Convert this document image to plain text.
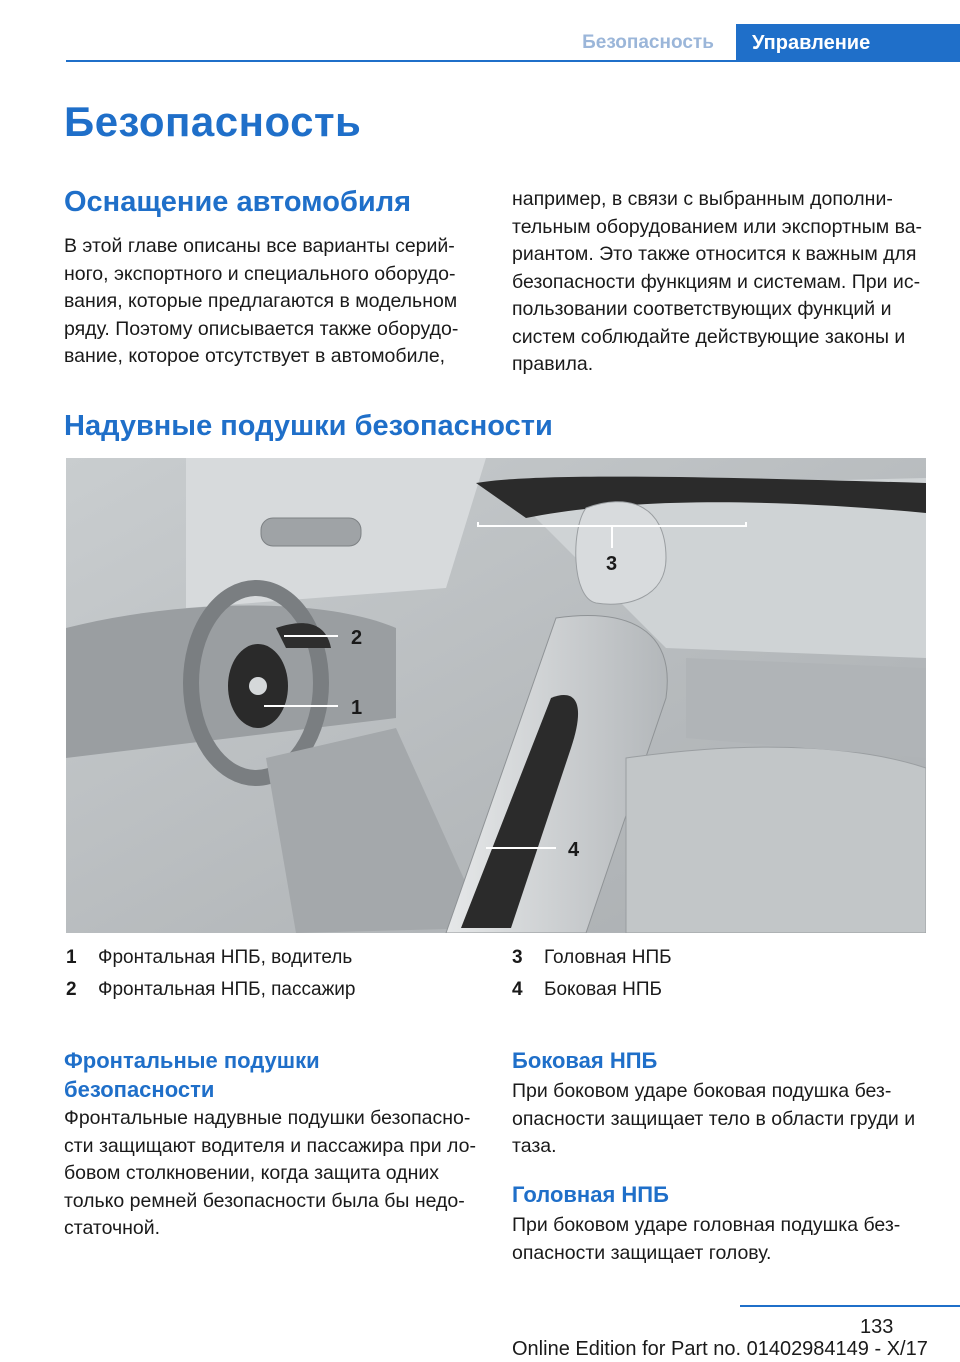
Безопасность	Управление
Безопасность
Оснащение автомобиля
В этой главе описаны все варианты серий-
ного, экспортного и специального оборудо-
вания, которые предлагаются в модельном
ряду. Поэтому описывается также оборудо-
вание, которое отсутствует в автомобиле,
например, в связи с выбранным дополни-
тельным оборудованием или экспортным ва-
риантом. Это также относится к важным для
безопасности функциям и системам. При ис-
пользовании соответствующих функций и
систем соблюдайте действующие законы и
правила.
Надувные подушки безопасности
2
1
3
4
1	Фронтальная НПБ, водитель
2	Фронтальная НПБ, пассажир
3	Головная НПБ
4	Боковая НПБ
Фронтальные подушки
безопасности
Фронтальные надувные подушки безопасно-
сти защищают водителя и пассажира при ло-
бовом столкновении, когда защита одних
только ремней безопасности была бы недо-
статочной.
Боковая НПБ
При боковом ударе боковая подушка без-
опасности защищает тело в области груди и
таза.
Головная НПБ
При боковом ударе головная подушка без-
опасности защищает голову.
133
Online Edition for Part no. 01402984149 - X/17
